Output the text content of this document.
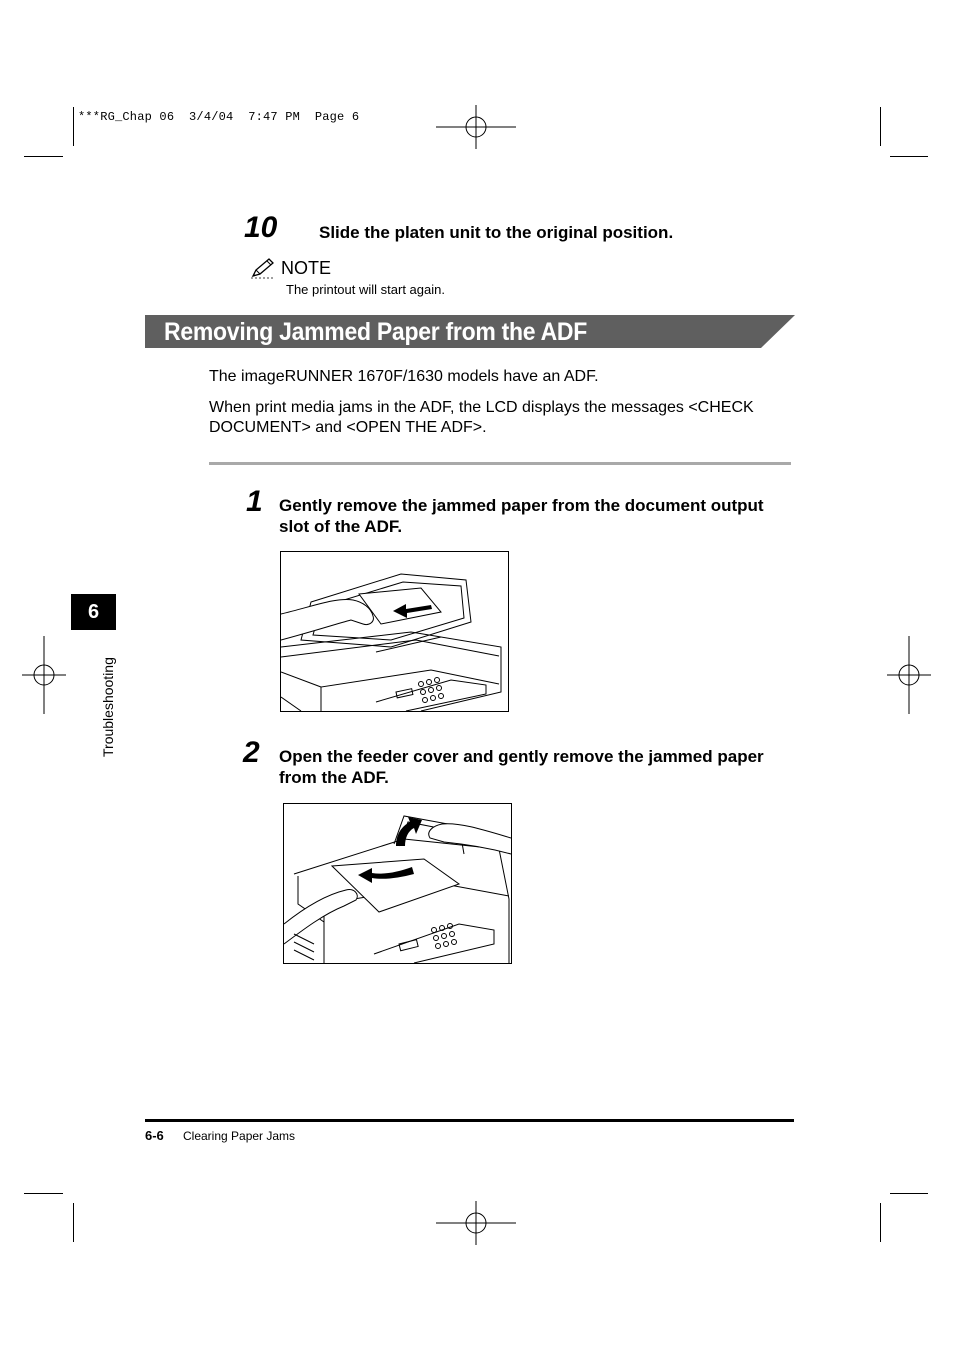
***RG_Chap 06  3/4/04  7:47 PM  Page 6
10 Slide the platen unit to the original position.
NOTE
The printout will start again.
Removing Jammed Paper from the ADF
The imageRUNNER 1670F/1630 models have an ADF.
When print media jams in the ADF, the LCD displays the messages <CHECK
DOCUMENT> and <OPEN THE ADF>.
1 Gently remove the jammed paper from the document output
slot of the ADF.
2 Open the feeder cover and gently remove the jammed paper
from the ADF.
6
Troubleshooting
6-6 Clearing Paper Jams
